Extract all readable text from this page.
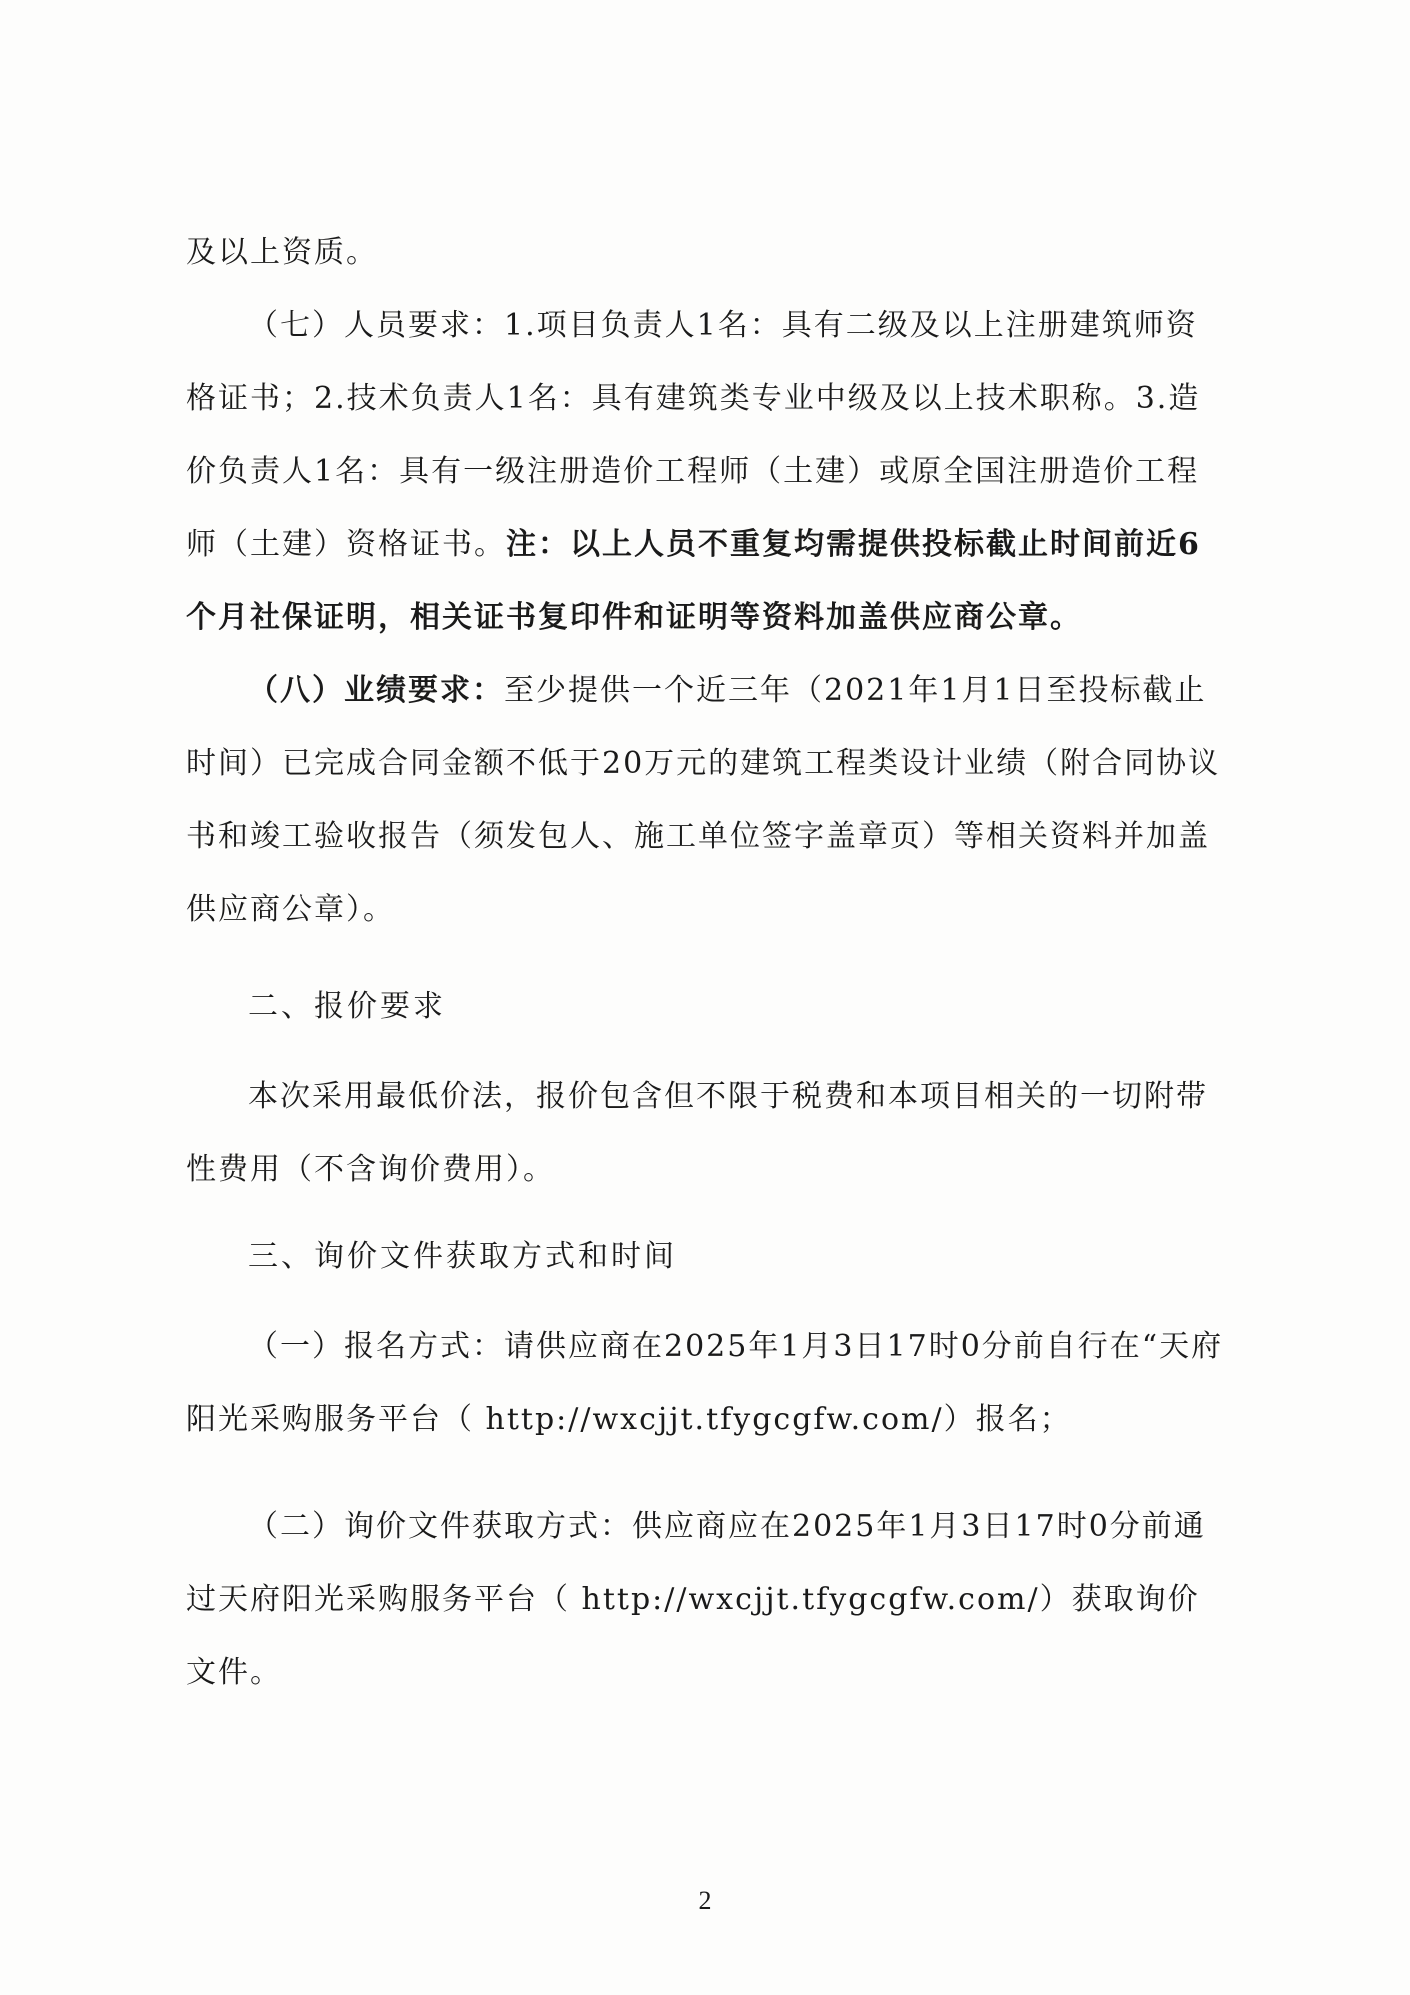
及以上资质。

（七）人员要求：1.项目负责人1名：具有二级及以上注册建筑师资格证书；2.技术负责人1名：具有建筑类专业中级及以上技术职称。3.造价负责人1名：具有一级注册造价工程师（土建）或原全国注册造价工程师（土建）资格证书。注：以上人员不重复均需提供投标截止时间前近6个月社保证明，相关证书复印件和证明等资料加盖供应商公章。
（八）业绩要求：至少提供一个近三年（2021年1月1日至投标截止时间）已完成合同金额不低于20万元的建筑工程类设计业绩（附合同协议书和竣工验收报告（须发包人、施工单位签字盖章页）等相关资料并加盖供应商公章）。
二、报价要求
本次采用最低价法，报价包含但不限于税费和本项目相关的一切附带性费用（不含询价费用）。
三、询价文件获取方式和时间
（一）报名方式：请供应商在2025年1月3日17时0分前自行在“天府阳光采购服务平台（ http://wxcjjt.tfygcgfw.com/）报名；
（二）询价文件获取方式：供应商应在2025年1月3日17时0分前通过天府阳光采购服务平台（ http://wxcjjt.tfygcgfw.com/）获取询价文件。
2
